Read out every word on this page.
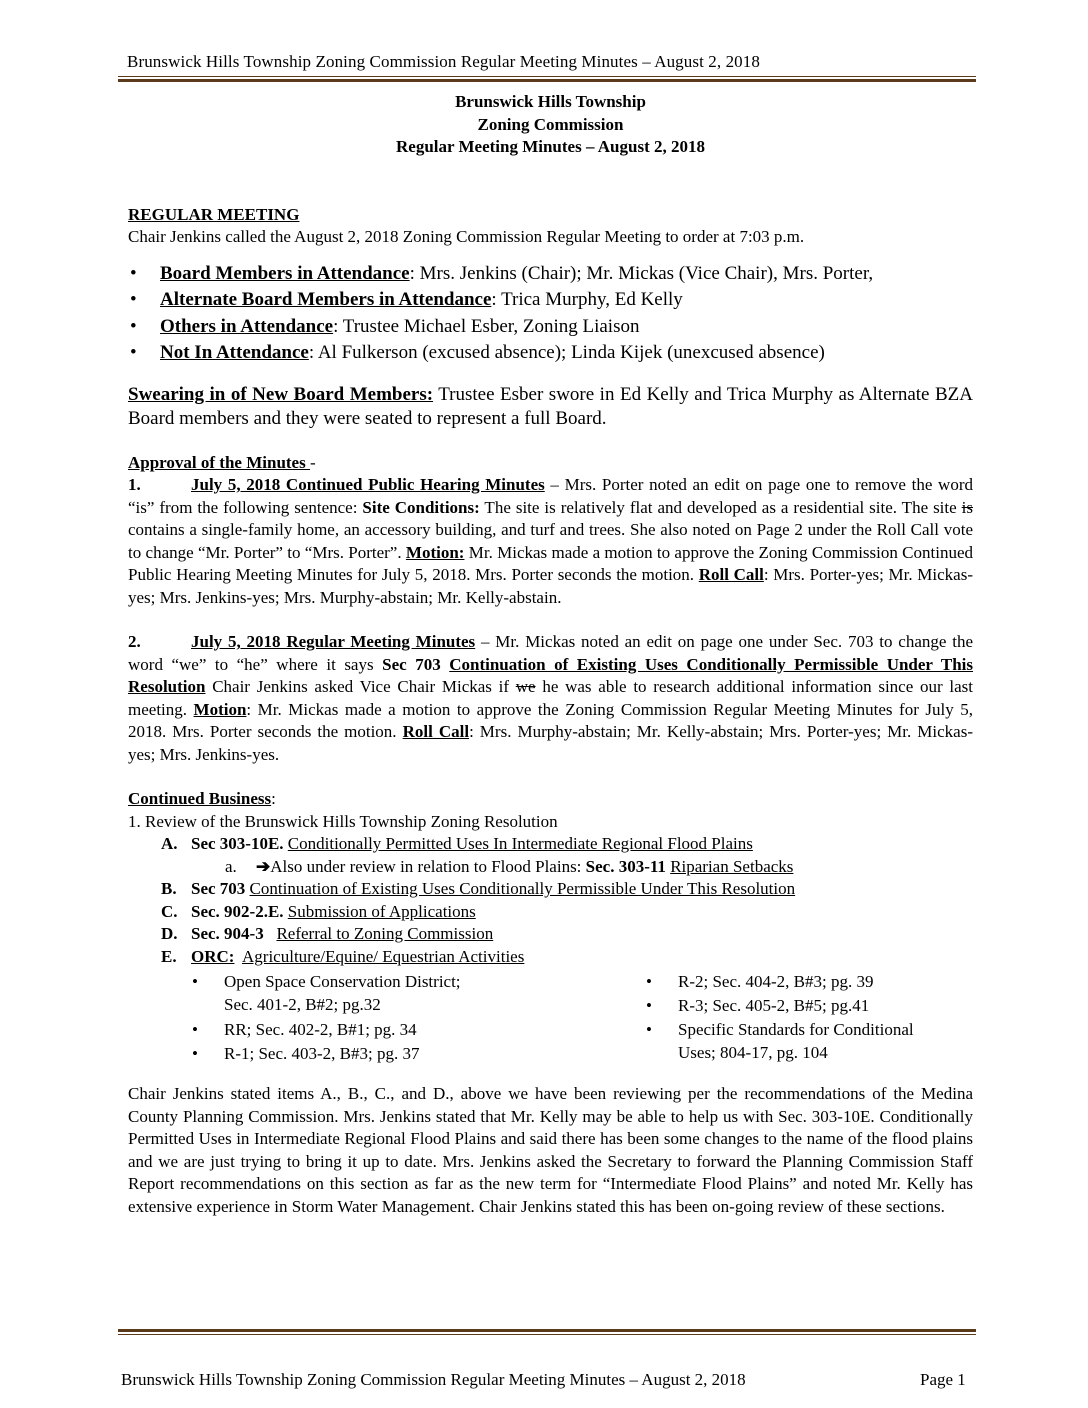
Brunswick Hills Township Zoning Commission Regular Meeting Minutes – August 2, 2018

Brunswick Hills Township

Zoning Commission

Regular Meeting Minutes – August 2, 2018

REGULAR MEETING

Chair Jenkins called the August 2, 2018 Zoning Commission Regular Meeting to order at 7:03 p.m.

• Board Members in Attendance: Mrs. Jenkins (Chair); Mr. Mickas (Vice Chair), Mrs. Porter,
• Alternate Board Members in Attendance: Trica Murphy, Ed Kelly
• Others in Attendance: Trustee Michael Esber, Zoning Liaison
• Not In Attendance: Al Fulkerson (excused absence); Linda Kijek (unexcused absence)

Swearing in of New Board Members: Trustee Esber swore in Ed Kelly and Trica Murphy as Alternate BZA Board members and they were seated to represent a full Board.

Approval of the Minutes -

1.	July 5, 2018 Continued Public Hearing Minutes – Mrs. Porter noted an edit on page one to remove the word “is” from the following sentence: Site Conditions: The site is relatively flat and developed as a residential site. The site is contains a single-family home, an accessory building, and turf and trees. She also noted on Page 2 under the Roll Call vote to change “Mr. Porter” to “Mrs. Porter”. Motion: Mr. Mickas made a motion to approve the Zoning Commission Continued Public Hearing Meeting Minutes for July 5, 2018. Mrs. Porter seconds the motion. Roll Call: Mrs. Porter-yes; Mr. Mickas-yes; Mrs. Jenkins-yes; Mrs. Murphy-abstain; Mr. Kelly-abstain.

2.	July 5, 2018 Regular Meeting Minutes – Mr. Mickas noted an edit on page one under Sec. 703 to change the word “we” to “he” where it says Sec 703 Continuation of Existing Uses Conditionally Permissible Under This Resolution Chair Jenkins asked Vice Chair Mickas if we he was able to research additional information since our last meeting. Motion: Mr. Mickas made a motion to approve the Zoning Commission Regular Meeting Minutes for July 5, 2018. Mrs. Porter seconds the motion. Roll Call: Mrs. Murphy-abstain; Mr. Kelly-abstain; Mrs. Porter-yes; Mr. Mickas-yes; Mrs. Jenkins-yes.

Continued Business:

1. Review of the Brunswick Hills Township Zoning Resolution

A. Sec 303-10E. Conditionally Permitted Uses In Intermediate Regional Flood Plains
a. ➔Also under review in relation to Flood Plains: Sec. 303-11 Riparian Setbacks
B. Sec 703 Continuation of Existing Uses Conditionally Permissible Under This Resolution
C. Sec. 902-2.E. Submission of Applications
D. Sec. 904-3 Referral to Zoning Commission
E. ORC: Agriculture/Equine/ Equestrian Activities
• Open Space Conservation District;
Sec. 401-2, B#2; pg.32
• RR; Sec. 402-2, B#1; pg. 34
• R-1; Sec. 403-2, B#3; pg. 37
• R-2; Sec. 404-2, B#3; pg. 39
• R-3; Sec. 405-2, B#5; pg.41
• Specific Standards for Conditional
Uses; 804-17, pg. 104

Chair Jenkins stated items A., B., C., and D., above we have been reviewing per the recommendations of the Medina County Planning Commission. Mrs. Jenkins stated that Mr. Kelly may be able to help us with Sec. 303-10E. Conditionally Permitted Uses in Intermediate Regional Flood Plains and said there has been some changes to the name of the flood plains and we are just trying to bring it up to date. Mrs. Jenkins asked the Secretary to forward the Planning Commission Staff Report recommendations on this section as far as the new term for “Intermediate Flood Plains” and noted Mr. Kelly has extensive experience in Storm Water Management. Chair Jenkins stated this has been on-going review of these sections.

Brunswick Hills Township Zoning Commission Regular Meeting Minutes – August 2, 2018	Page 1
